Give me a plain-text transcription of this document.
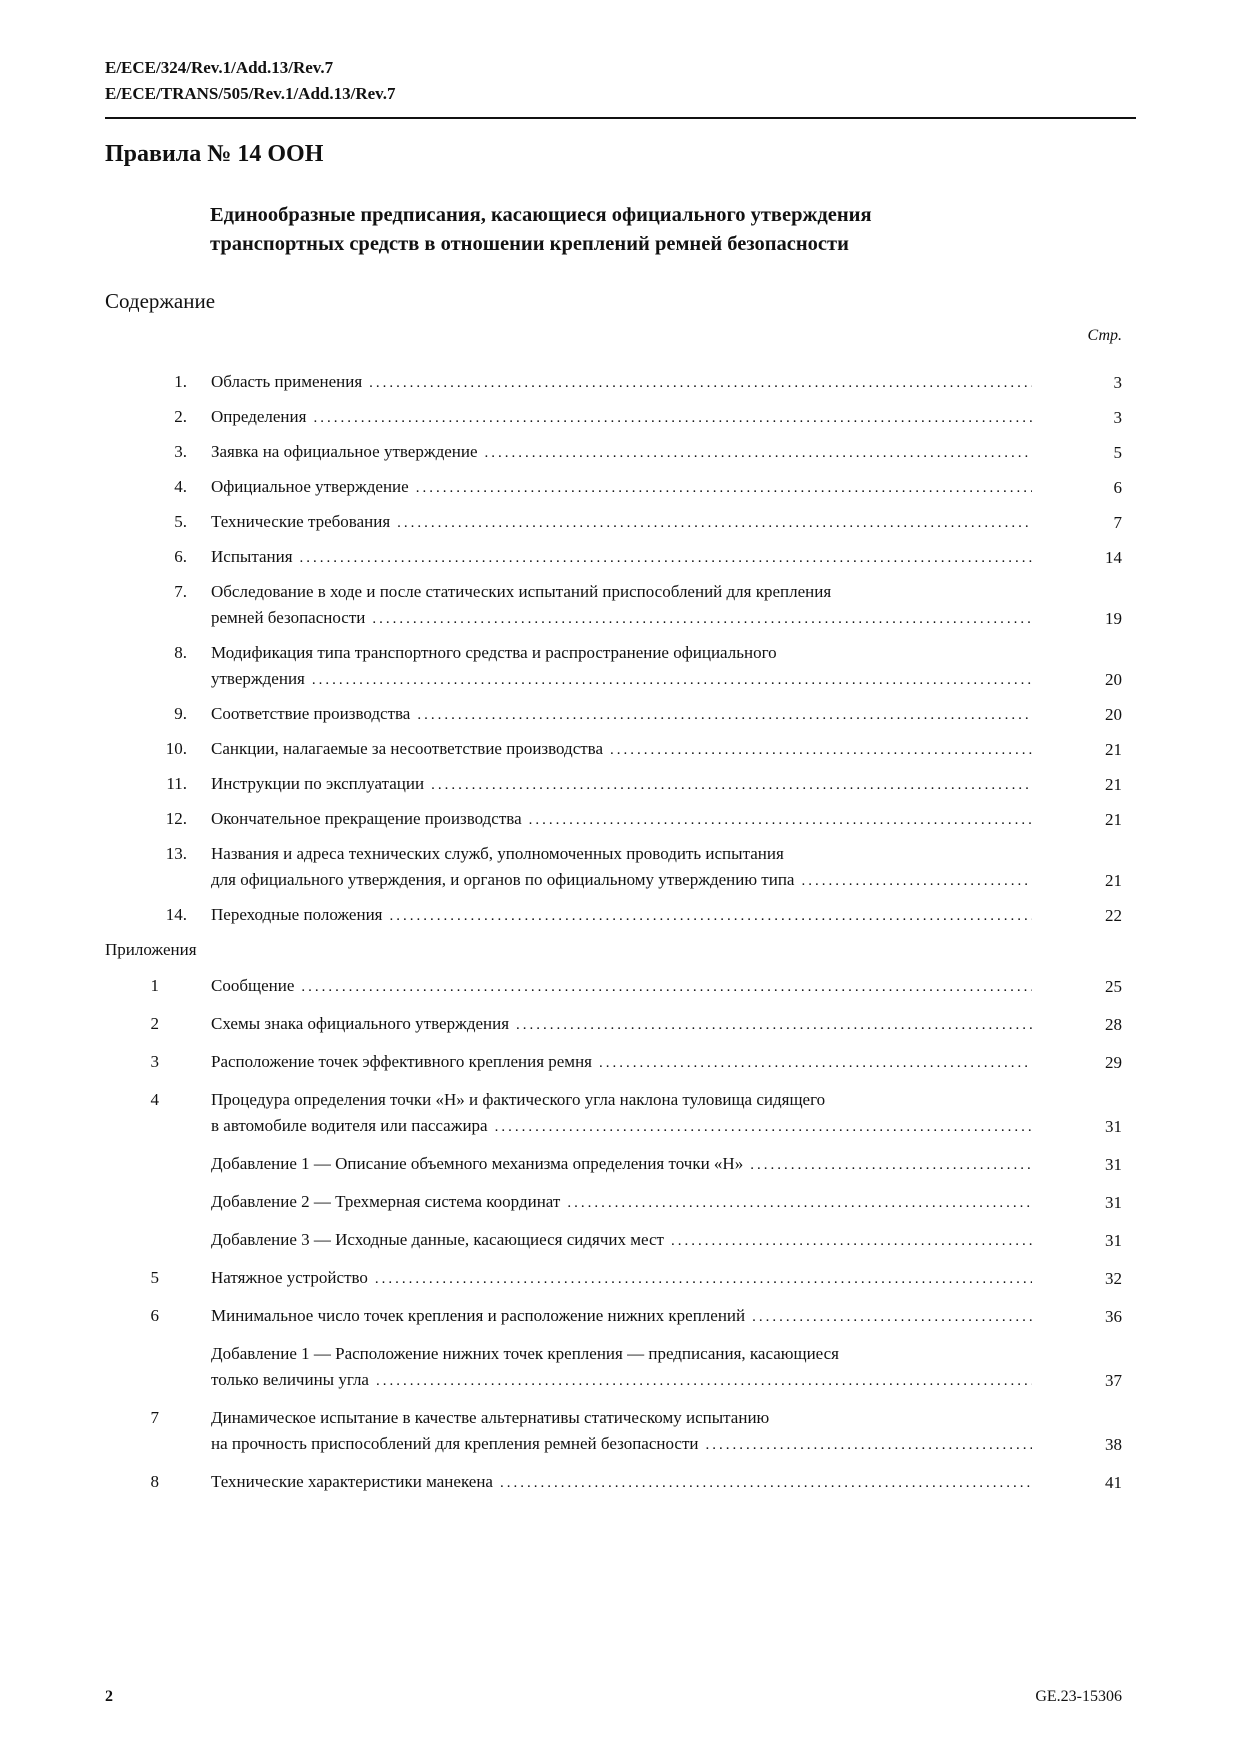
E/ECE/324/Rev.1/Add.13/Rev.7
E/ECE/TRANS/505/Rev.1/Add.13/Rev.7
Правила № 14 ООН
Единообразные предписания, касающиеся официального утверждения транспортных средств в отношении креплений ремней безопасности
Содержание
Стр.
1. Область применения .....	3
2. Определения .....	3
3. Заявка на официальное утверждение .....	5
4. Официальное утверждение .....	6
5. Технические требования .....	7
6. Испытания .....	14
7. Обследование в ходе и после статических испытаний приспособлений для крепления
ремней безопасности .....	19
8. Модификация типа транспортного средства и распространение официального
утверждения .....	20
9. Соответствие производства .....	20
10. Санкции, налагаемые за несоответствие производства .....	21
11. Инструкции по эксплуатации .....	21
12. Окончательное прекращение производства .....	21
13. Названия и адреса технических служб, уполномоченных проводить испытания
для официального утверждения, и органов по официальному утверждению типа .....	21
14. Переходные положения .....	22
Приложения
1	Сообщение .....	25
2	Схемы знака официального утверждения .....	28
3	Расположение точек эффективного крепления ремня .....	29
4	Процедура определения точки «Н» и фактического угла наклона туловища сидящего
в автомобиле водителя или пассажира .....	31
Добавление 1 — Описание объемного механизма определения точки «Н» .....	31
Добавление 2 — Трехмерная система координат .....	31
Добавление 3 — Исходные данные, касающиеся сидячих мест .....	31
5	Натяжное устройство .....	32
6	Минимальное число точек крепления и расположение нижних креплений .....	36
Добавление 1 — Расположение нижних точек крепления — предписания, касающиеся
только величины угла .....	37
7	Динамическое испытание в качестве альтернативы статическому испытанию
на прочность приспособлений для крепления ремней безопасности .....	38
8	Технические характеристики манекена .....	41
2	GE.23-15306
